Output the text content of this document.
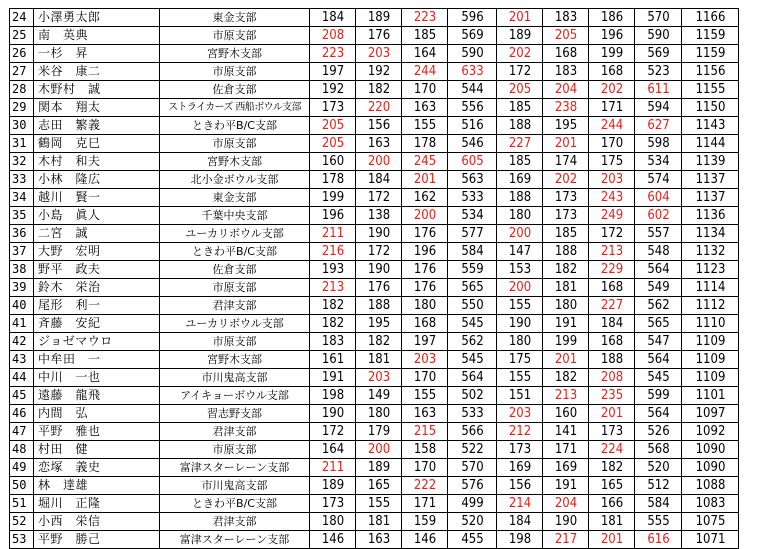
24	小澤勇太郎	東金支部	184	189	223	596	201	183	186	570	1166
25	南　英典	市原支部	208	176	185	569	189	205	196	590	1159
26	一杉　昇	宮野木支部	223	203	164	590	202	168	199	569	1159
27	米谷　康二	市原支部	197	192	244	633	172	183	168	523	1156
28	木野村　誠	佐倉支部	192	182	170	544	205	204	202	611	1155
29	関本　翔太	ストライカーズ 西船ボウル支部	173	220	163	556	185	238	171	594	1150
30	志田　繁義	ときわ平B/C支部	205	156	155	516	188	195	244	627	1143
31	鶴岡　克巳	市原支部	205	163	178	546	227	201	170	598	1144
32	木村　和夫	宮野木支部	160	200	245	605	185	174	175	534	1139
33	小林　隆広	北小金ボウル支部	178	184	201	563	169	202	203	574	1137
34	越川　賢一	東金支部	199	172	162	533	188	173	243	604	1137
35	小島　眞人	千葉中央支部	196	138	200	534	180	173	249	602	1136
36	二宮　誠	ユーカリボウル支部	211	190	176	577	200	185	172	557	1134
37	大野　宏明	ときわ平B/C支部	216	172	196	584	147	188	213	548	1132
38	野平　政夫	佐倉支部	193	190	176	559	153	182	229	564	1123
39	鈴木　栄治	市原支部	213	176	176	565	200	181	168	549	1114
40	尾形　利一	君津支部	182	188	180	550	155	180	227	562	1112
41	斉藤　安紀	ユーカリボウル支部	182	195	168	545	190	191	184	565	1110
42	ジョゼマウロ	市原支部	183	182	197	562	180	199	168	547	1109
43	中牟田　一	宮野木支部	161	181	203	545	175	201	188	564	1109
44	中川　一也	市川鬼高支部	191	203	170	564	155	182	208	545	1109
45	遠藤　龍飛	アイキョーボウル支部	198	149	155	502	151	213	235	599	1101
46	内間　弘	習志野支部	190	180	163	533	203	160	201	564	1097
47	平野　雅也	君津支部	172	179	215	566	212	141	173	526	1092
48	村田　健	市原支部	164	200	158	522	173	171	224	568	1090
49	恋塚　義史	富津スターレーン支部	211	189	170	570	169	169	182	520	1090
50	林　達雄	市川鬼高支部	189	165	222	576	156	191	165	512	1088
51	堀川　正隆	ときわ平B/C支部	173	155	171	499	214	204	166	584	1083
52	小西　栄信	君津支部	180	181	159	520	184	190	181	555	1075
53	平野　勝己	富津スターレーン支部	146	163	146	455	198	217	201	616	1071
